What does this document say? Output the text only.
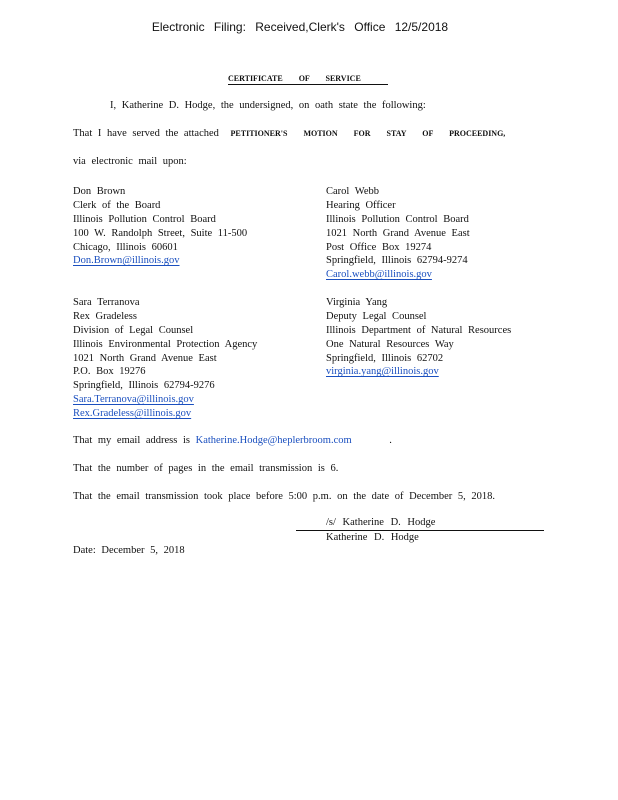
Electronic Filing: Received,Clerk's Office 12/5/2018
CERTIFICATE OF SERVICE
I, Katherine D. Hodge, the undersigned, on oath state the following:
That I have served the attached PETITIONER'S MOTION FOR STAY OF PROCEEDING,
via electronic mail upon:
Don Brown
Clerk of the Board
Illinois Pollution Control Board
100 W. Randolph Street, Suite 11-500
Chicago, Illinois 60601
Don.Brown@illinois.gov
Carol Webb
Hearing Officer
Illinois Pollution Control Board
1021 North Grand Avenue East
Post Office Box 19274
Springfield, Illinois 62794-9274
Carol.webb@illinois.gov
Sara Terranova
Rex Gradeless
Division of Legal Counsel
Illinois Environmental Protection Agency
1021 North Grand Avenue East
P.O. Box 19276
Springfield, Illinois 62794-9276
Sara.Terranova@illinois.gov
Rex.Gradeless@illinois.gov
Virginia Yang
Deputy Legal Counsel
Illinois Department of Natural Resources
One Natural Resources Way
Springfield, Illinois 62702
virginia.yang@illinois.gov
That my email address is Katherine.Hodge@heplerbroom.com	.
That the number of pages in the email transmission is 6.
That the email transmission took place before 5:00 p.m. on the date of December 5, 2018.
/s/ Katherine D. Hodge
Katherine D. Hodge
Date: December 5, 2018
